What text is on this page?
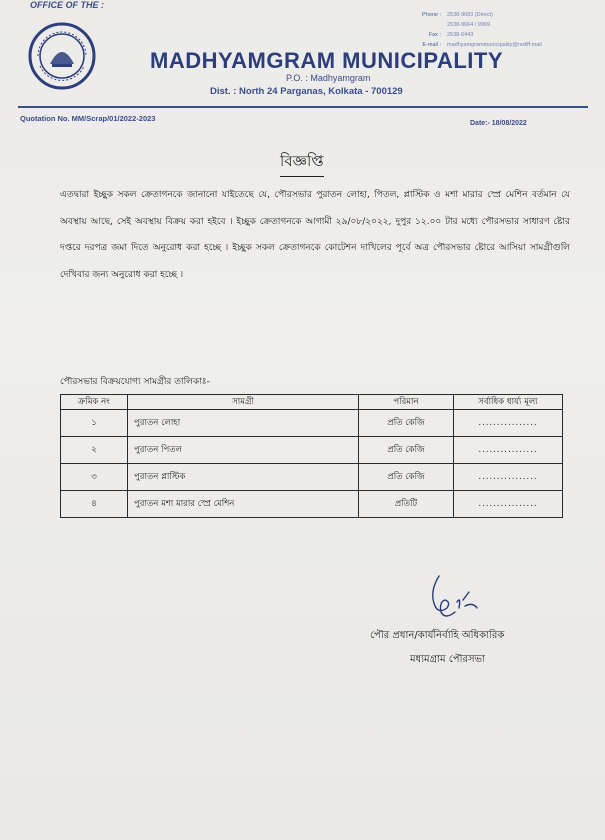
OFFICE OF THE :
MADHYAMGRAM MUNICIPALITY
P.O. : Madhyamgram
Dist. : North 24 Parganas, Kolkata - 700129
Phone :	2538-9683 (Direct)
2538-9664 / 9969
Fax :	2538-6443
E-mail :	madhyamgrammunicipality@rediff.mail
Quotation No. MM/Scrap/01/2022-2023
Date:- 18/08/2022
বিজ্ঞপ্তি
এতদ্বারা ইচ্ছুক সকল ক্রেতাগনকে জানানো যাইতেছে যে, পৌরসভার পুরাতন লোহা, পিতল, প্লাস্টিক ও মশা মারার স্প্রে মেশিন বর্তমান যে অবস্থায় আছে, সেই অবস্থায় বিক্রয় করা হইবে । ইচ্ছুক ক্রেতাগনকে আগামী ২৯/০৮/২০২২, দুপুর ১২.০০ টার মধ্যে পৌরসভার সাধারণ ষ্টোর দপ্তরে দরপত্র জমা দিতে অনুরোধ করা হচ্ছে । ইচ্ছুক সকল ক্রেতাগনকে কোটেশন দাখিলের পূর্বে অত্র পৌরসভার ষ্টোরে আসিয়া সামগ্রীগুলি দেখিবার জন্য অনুরোধ করা হচ্ছে ।
পৌরসভার বিক্রয়যোগ্য সামগ্রীর তালিকাঃ-
ক্রমিক নং	সামগ্রী	পরিমান	সর্বাধিক ধার্য্য মূল্য
১	পুরাতন লোহা	প্রতি কেজি	................
২	পুরাতন পিতল	প্রতি কেজি	................
৩	পুরাতন প্লাস্টিক	প্রতি কেজি	................
৪	পুরাতন মশা মারার স্প্রে মেশিন	প্রতিটি	................
পৌর প্রধান/কার্যনির্বাহি অধিকারিক
মধ্যমগ্রাম পৌরসভা
